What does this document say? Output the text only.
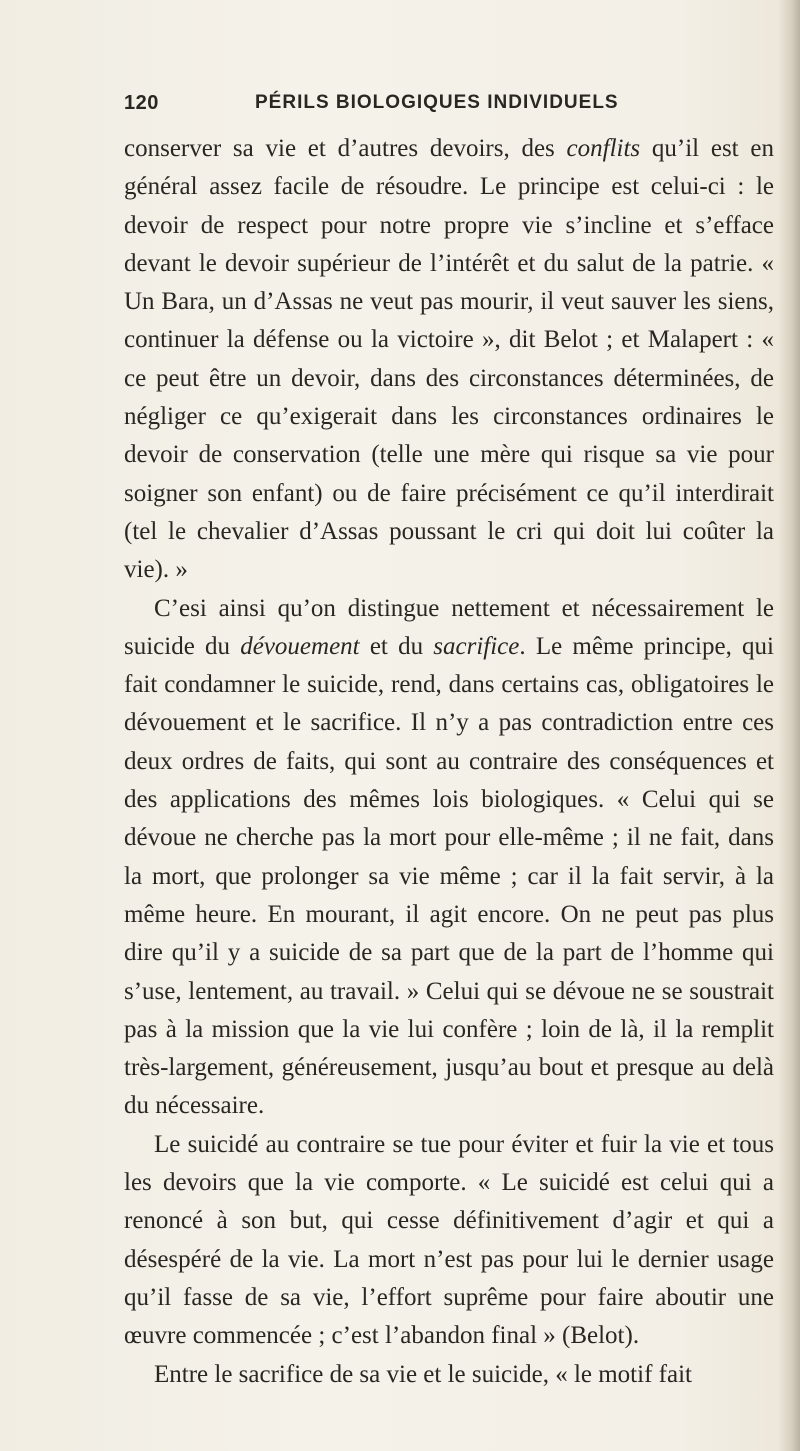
120	PÉRILS BIOLOGIQUES INDIVIDUELS

conserver sa vie et d’autres devoirs, des conflits qu’il est en général assez facile de résoudre. Le principe est celui-ci : le devoir de respect pour notre propre vie s’incline et s’efface devant le devoir supérieur de l’intérêt et du salut de la patrie. « Un Bara, un d’Assas ne veut pas mourir, il veut sauver les siens, continuer la défense ou la victoire », dit Belot ; et Malapert : « ce peut être un devoir, dans des circonstances déterminées, de négliger ce qu’exigerait dans les circonstances ordinaires le devoir de conservation (telle une mère qui risque sa vie pour soigner son enfant) ou de faire précisément ce qu’il interdirait (tel le chevalier d’Assas poussant le cri qui doit lui coûter la vie). »

C’esi ainsi qu’on distingue nettement et nécessairement le suicide du dévouement et du sacrifice. Le même principe, qui fait condamner le suicide, rend, dans certains cas, obligatoires le dévouement et le sacrifice. Il n’y a pas contradiction entre ces deux ordres de faits, qui sont au contraire des conséquences et des applications des mêmes lois biologiques. « Celui qui se dévoue ne cherche pas la mort pour elle-même ; il ne fait, dans la mort, que prolonger sa vie même ; car il la fait servir, à la même heure. En mourant, il agit encore. On ne peut pas plus dire qu’il y a suicide de sa part que de la part de l’homme qui s’use, lentement, au travail. » Celui qui se dévoue ne se soustrait pas à la mission que la vie lui confère ; loin de là, il la remplit très-largement, généreusement, jusqu’au bout et presque au delà du nécessaire.

Le suicidé au contraire se tue pour éviter et fuir la vie et tous les devoirs que la vie comporte. « Le suicidé est celui qui a renoncé à son but, qui cesse définitivement d’agir et qui a désespéré de la vie. La mort n’est pas pour lui le dernier usage qu’il fasse de sa vie, l’effort suprême pour faire aboutir une œuvre commencée ; c’est l’abandon final » (Belot).

Entre le sacrifice de sa vie et le suicide, « le motif fait
